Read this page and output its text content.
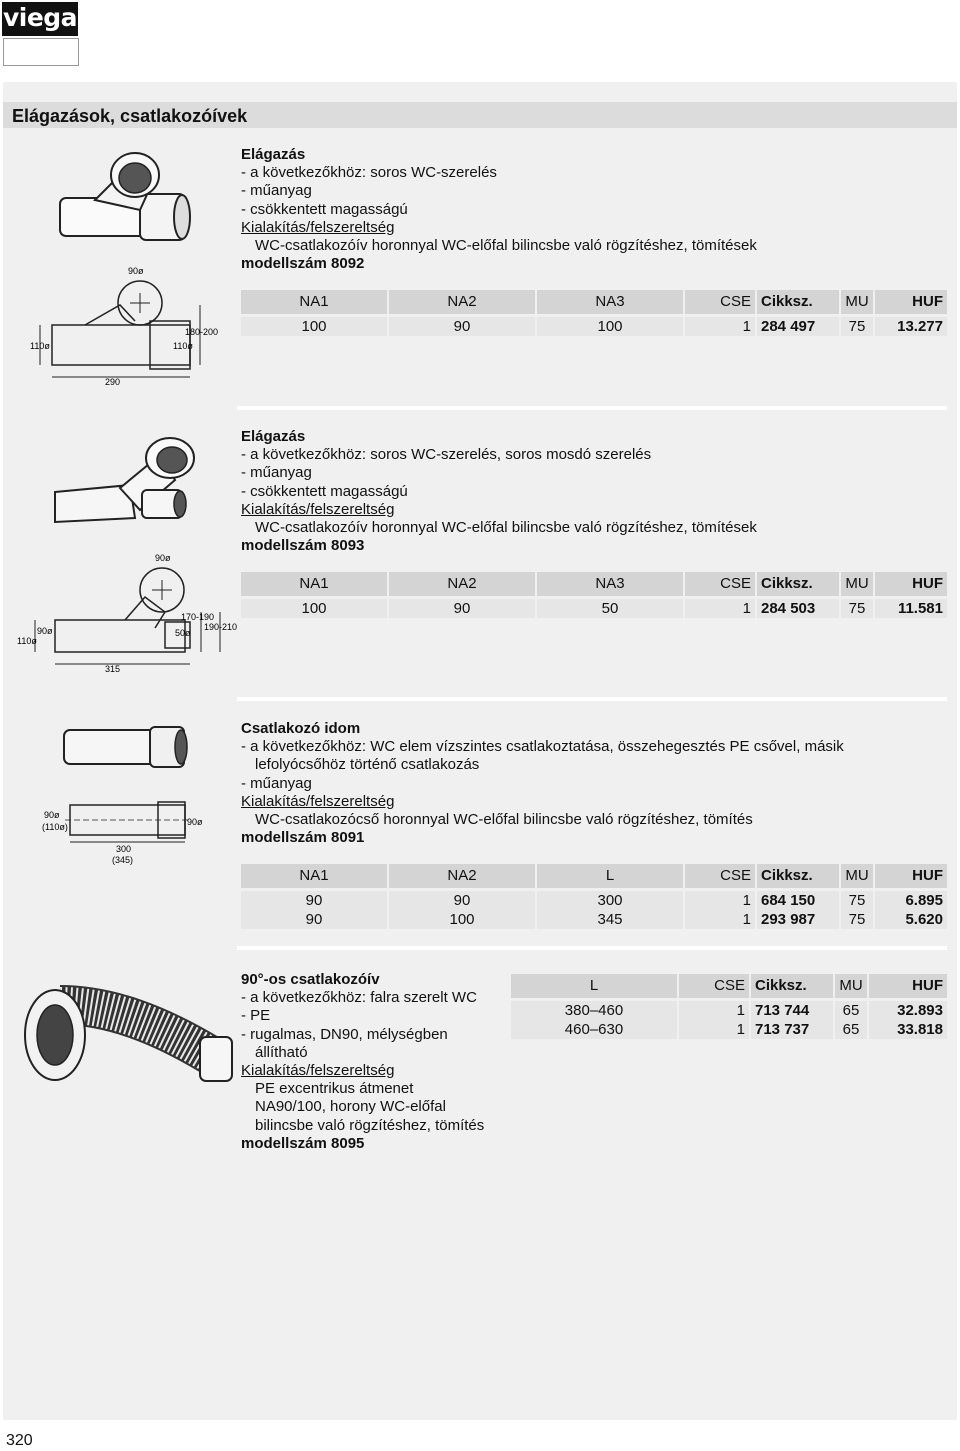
viega
Elágazások, csatlakozóívek
90ø
110ø
180-200
110ø
290
Elágazás
- a következőkhöz: soros WC-szerelés
- műanyag
- csökkentett magasságú
Kialakítás/felszereltség
WC-csatlakozóív horonnyal WC-előfal bilincsbe való rögzítéshez, tömítések
modellszám 8092
NA1	NA2	NA3	CSE	Cikksz.	MU	HUF

100	90	100	1	284 497	75	13.277
90ø
90ø
110ø
170-190
50ø
190-210
315
Elágazás
- a következőkhöz: soros WC-szerelés, soros mosdó szerelés
- műanyag
- csökkentett magasságú
Kialakítás/felszereltség
WC-csatlakozóív horonnyal WC-előfal bilincsbe való rögzítéshez, tömítések
modellszám 8093
NA1	NA2	NA3	CSE	Cikksz.	MU	HUF

100	90	50	1	284 503	75	11.581
90ø
(110ø)	90ø
300
(345)
Csatlakozó idom
- a következőkhöz: WC elem vízszintes csatlakoztatása, összehegesztés PE csővel, másik
lefolyócsőhöz történő csatlakozás
- műanyag
Kialakítás/felszereltség
WC-csatlakozócső horonnyal WC-előfal bilincsbe való rögzítéshez, tömítés
modellszám 8091
NA1	NA2	L	CSE	Cikksz.	MU	HUF

90	90	300	1	684 150	75	6.895
90	100	345	1	293 987	75	5.620
90°-os csatlakozóív
- a következőkhöz: falra szerelt WC
- PE
- rugalmas, DN90, mélységben
állítható
Kialakítás/felszereltség
PE excentrikus átmenet
NA90/100, horony WC-előfal
bilincsbe való rögzítéshez, tömítés
modellszám 8095
L	CSE	Cikksz.	MU	HUF

380–460	1	713 744	65	32.893
460–630	1	713 737	65	33.818
320
